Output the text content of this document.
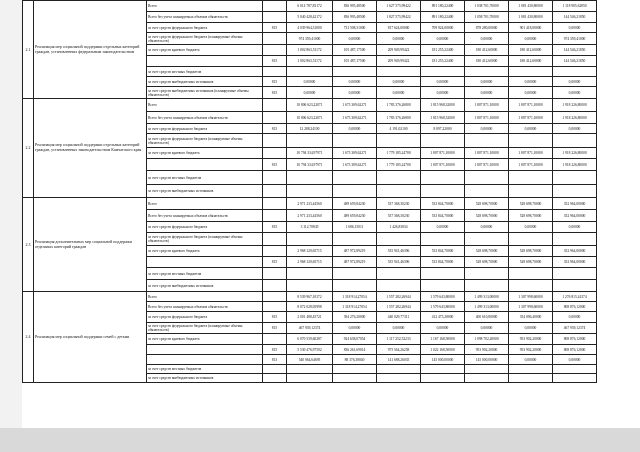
2.1	Реализация мер социальной поддержки отдельных категорий граждан, установленных федеральным законодательством	Всего		6 014 787,83172	836 995,48500	1 627 575,99422	891 180,22400	1 038 701,70000	1 081 430,80000	1 118 905,62850
		Всего без учета планируемых объемов обязательств		5 040 428,42172	836 995,48500	1 827 575,99422	891 180,22400	1 058 701,70000	1 081 430,80000	144 546,21850
		за счет средств федерального бюджета	815	4 039 964,31000	731 508,31000	817 624,00000	709 924,00000	878 280,00000	901 418,00000	0,00000
		за счет средств федерального бюджета (планируемые объемы обязательств)		974 359,41000	0,00000	0,00000	0,00000	0,00000	0,00000	974 359,41000
		за счет средств краевого бюджета		1 002 863,51172	105 487,17500	209 949,99422	181 255,22400	180 412,60000	180 412,60000	144 546,21850
			815	1 002 863,51172	105 487,17500	209 949,99422	181 255,22400	180 412,60000	180 412,60000	144 546,21850
		за счет средств местных бюджетов								
		за счет средств внебюджетных источников	815	0,00000	0,00000	0,00000	0,00000	0,00000	0,00000	0,00000
		за счет средств внебюджетных источников (планируемые объемы обязательств)	815	0,00000	0,00000	0,00000	0,00000	0,00000	0,00000	0,00000
2.2	Реализация мер социальной поддержки отдельных категорий граждан, установленных законодательством Камчатского края	Всего		10 806 623,22071	1 673 309,62271	1 783 376,26800	1 815 968,32000	1 807 871,10000	1 807 871,10000	1 918 226,80000
		Всего без учета планируемых объемов обязательств		10 806 623,22071	1 673 309,62271	1 783 376,26800	1 815 968,32000	1 807 871,10000	1 807 871,10000	1 918 226,80000
		за счет средств федерального бюджета	815	12 288,24100	0,00000	4 191,02100	8 097,22000	0,00000	0,00000	0,00000
		за счет средств федерального бюджета (планируемые объемы обязательств)								
		за счет средств краевого бюджета		10 794 334,97971	1 673 309,62271	1 779 185,24700	1 807 871,10000	1 807 871,10000	1 807 871,10000	1 918 226,80000
			815	10 794 334,97971	1 673 309,62271	1 779 185,24700	1 807 871,10000	1 807 871,10000	1 807 871,10000	1 918 226,80000
		за счет средств местных бюджетов								
		за счет средств внебюджетных источников								
2.3	Реализация дополнительных мер социальной поддержки отдельных категорий граждан	Всего		2 971 233,44560	489 659,84230	537 368,30230	533 844,70000	528 698,70000	528 698,70000	352 964,00000
		Всего без учета планируемых объемов обязательств		2 971 233,44560	489 659,84230	537 368,30230	533 844,70000	528 698,70000	528 698,70000	352 964,00000
		за счет средств федерального бюджета	815	3 112,70845	1 686,15011	1 426,83834	0,00000	0,00000	0,00000	0,00000
		за счет средств федерального бюджета (планируемые объемы обязательств)								
		за счет средств краевого бюджета		2 968 120,65715	487 972,89219	535 941,46396	533 844,70000	528 698,70000	528 698,70000	352 964,00000
			815	2 968 120,65715	487 972,89219	535 941,46396	533 844,70000	528 698,70000	528 698,70000	352 964,00000
		за счет средств местных бюджетов								
		за счет средств внебюджетных источников								
2.4	Реализация мер социальной поддержки семей с детьми	Всего		8 539 967,10372	1 318 914,27054	1 557 282,26944	1 579 643,80000	1 499 313,00000	1 307 998,60000	1 276 815,24374
		Всего без учета планируемых объемов обязательств		8 072 028,05998	1 318 914,27054	1 557 282,26944	1 579 643,80000	1 499 313,00000	1 307 998,60000	808 876,12000
		за счет средств федерального бюджета	815	2 001 488,45721	394 276,20000	440 029,77311	412 475,28000	400 610,80000	354 096,40000	0,00000
		за счет средств федерального бюджета (планируемые объемы обязательств)	815	467 939,12374	0,00000	0,00000	0,00000	0,00000	0,00000	467 939,12374
		за счет средств краевого бюджета		6 070 539,60287	924 638,07054	1 117 252,52233	1 167 168,50000	1 098 702,20000	953 902,20000	808 876,12000
			815	5 530 476,97592	836 261,69014	975 564,26258	1 022 168,50000	953 902,20000	953 902,20000	808 876,12000
			813	540 064,64695	88 376,38040	141 688,26035	145 000,00000	145 000,00000	0,00000	0,00000
		за счет средств местных бюджетов								
		за счет средств внебюджетных источников								
